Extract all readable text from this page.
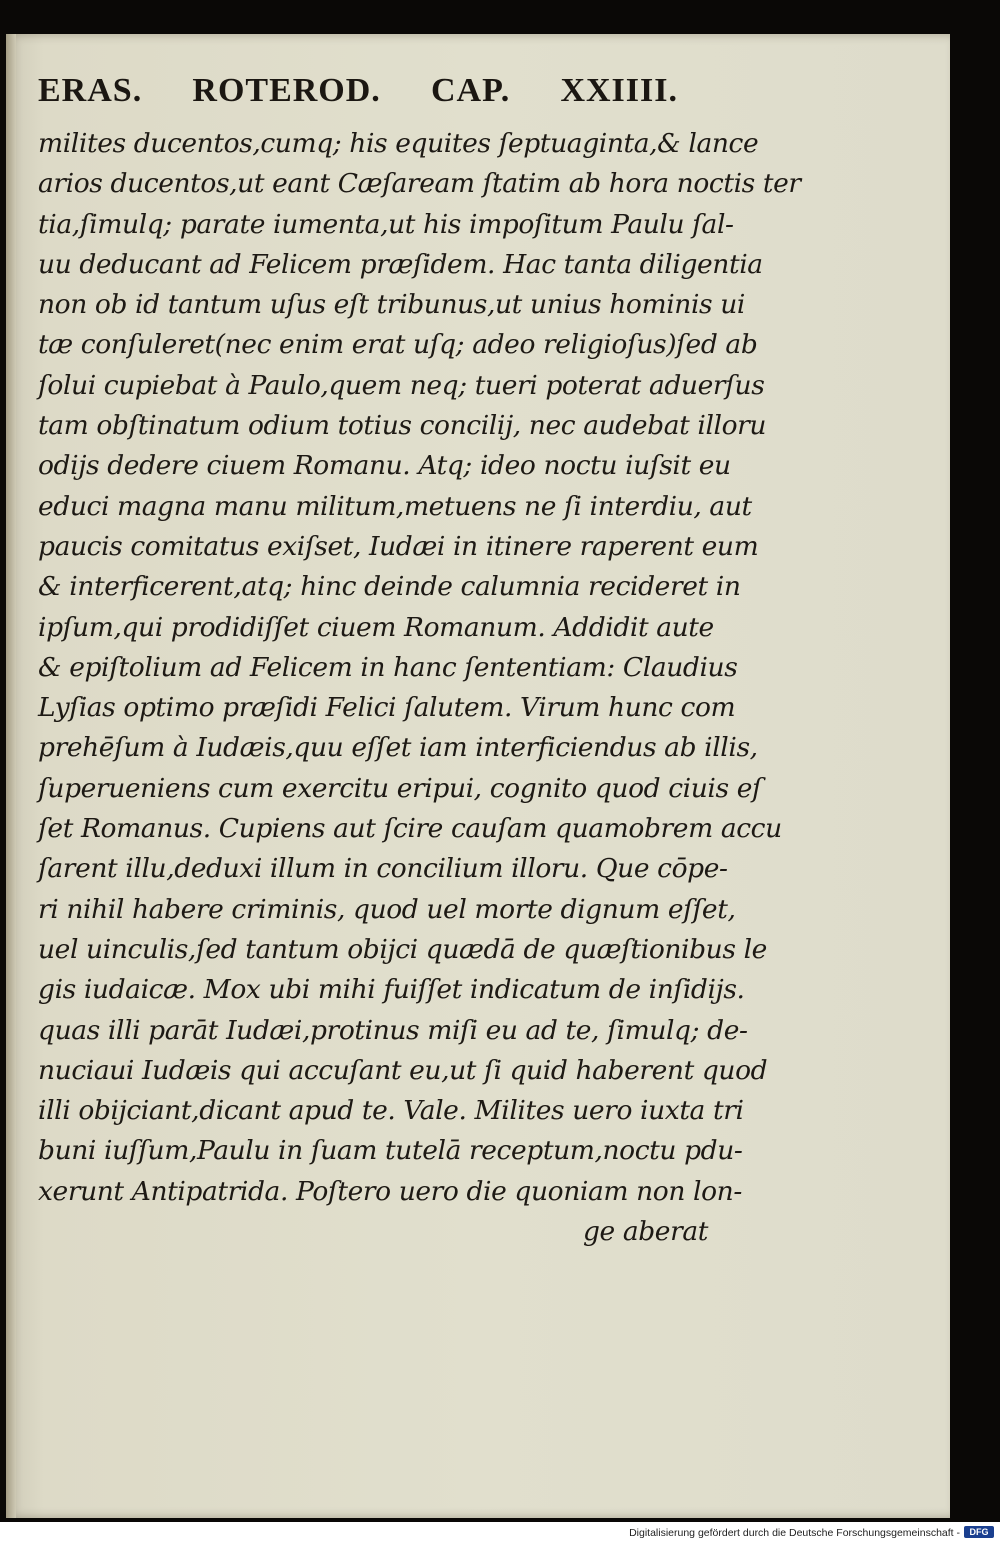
ERAS. ROTEROD. CAP. XXIIII.
milites ducentos,cumq; his equites ſeptuaginta,& lance
arios ducentos,ut eant Cæſaream ſtatim ab hora noctis ter
tia,ſimulq; parate iumenta,ut his impoſitum Paulu ſal-
uu deducant ad Felicem præſidem. Hac tanta diligentia
non ob id tantum uſus eſt tribunus,ut unius hominis ui
tæ conſuleret(nec enim erat uſq; adeo religioſus)ſed ab
ſolui cupiebat à Paulo,quem neq; tueri poterat aduerſus
tam obſtinatum odium totius concilij, nec audebat illoru
odijs dedere ciuem Romanu. Atq; ideo noctu iuſsit eu
educi magna manu militum,metuens ne ſi interdiu, aut
paucis comitatus exiſset, Iudæi in itinere raperent eum
& interficerent,atq; hinc deinde calumnia recideret in
ipſum,qui prodidiſſet ciuem Romanum. Addidit aute
& epiſtolium ad Felicem in hanc ſententiam: Claudius
Lyſias optimo præſidi Felici ſalutem. Virum hunc com
prehēſum à Iudæis,quu eſſet iam interficiendus ab illis,
ſuperueniens cum exercitu eripui, cognito quod ciuis eſ
ſet Romanus. Cupiens aut ſcire cauſam quamobrem accu
ſarent illu,deduxi illum in concilium illoru. Que cōpe-
ri nihil habere criminis, quod uel morte dignum eſſet,
uel uinculis,ſed tantum obijci quædā de quæſtionibus le
gis iudaicæ. Mox ubi mihi fuiſſet indicatum de inſidijs.
quas illi parāt Iudæi,protinus miſi eu ad te, ſimulq; de-
nuciaui Iudæis qui accuſant eu,ut ſi quid haberent quod
illi obijciant,dicant apud te. Vale. Milites uero iuxta tri
buni iuſſum,Paulu in ſuam tutelā receptum,noctu pdu-
xerunt Antipatrida. Poſtero uero die quoniam non lon-
ge aberat
Digitalisierung gefördert durch die Deutsche Forschungsgemeinschaft -	DFG
